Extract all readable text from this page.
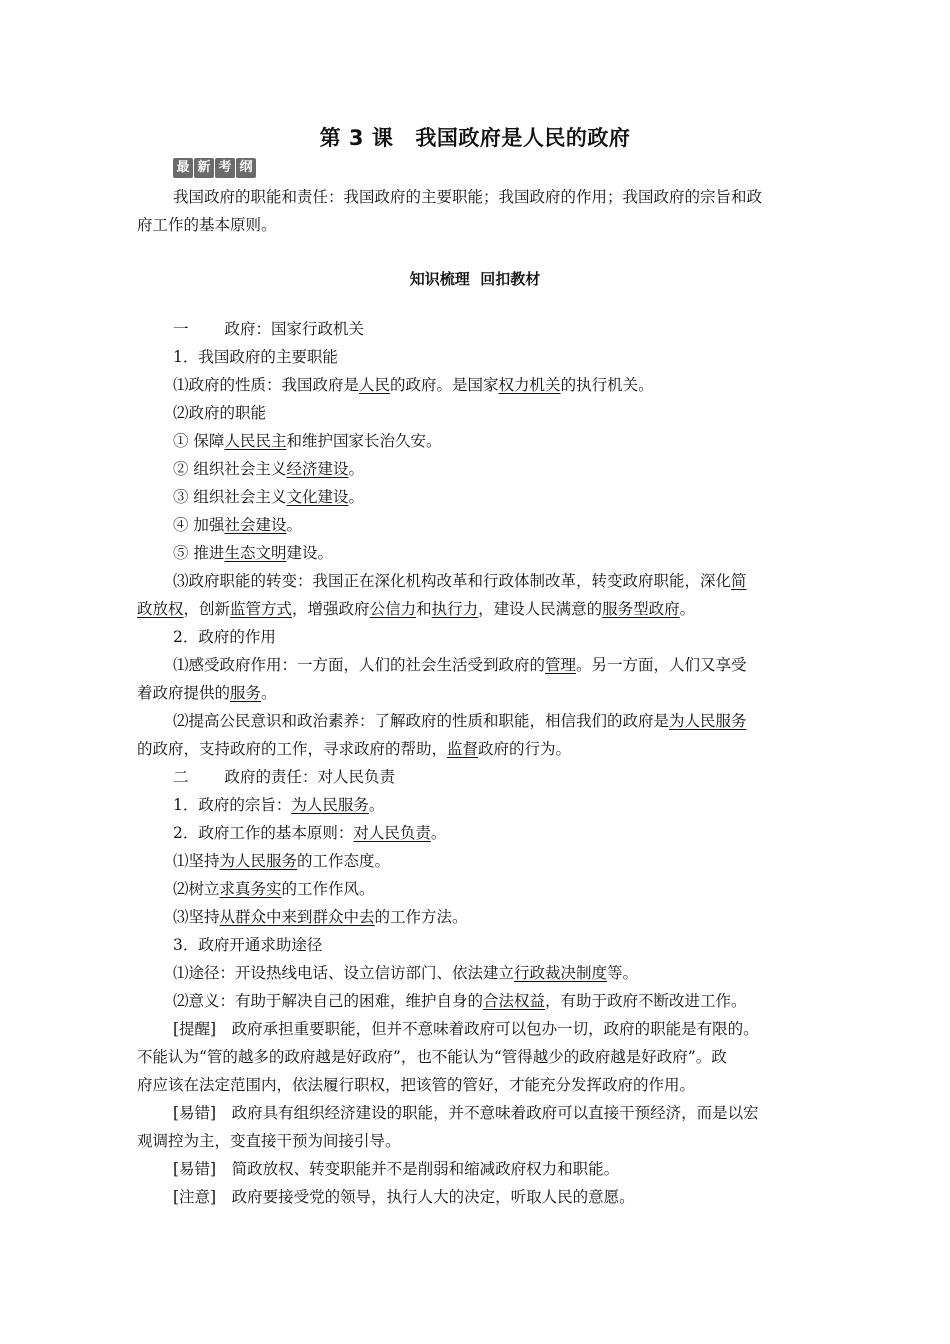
第 3 课 我国政府是人民的政府
最 新 考 纲
我国政府的职能和责任：我国政府的主要职能；我国政府的作用；我国政府的宗旨和政
府工作的基本原则。
知识梳理  回扣教材
一 政府：国家行政机关
1．我国政府的主要职能
⑴政府的性质：我国政府是人民的政府。是国家权力机关的执行机关。
⑵政府的职能
① 保障人民民主和维护国家长治久安。
② 组织社会主义经济建设。
③ 组织社会主义文化建设。
④ 加强社会建设。
⑤ 推进生态文明建设。
⑶政府职能的转变：我国正在深化机构改革和行政体制改革，转变政府职能，深化简
政放权，创新监管方式，增强政府公信力和执行力，建设人民满意的服务型政府。
2．政府的作用
⑴感受政府作用：一方面，人们的社会生活受到政府的管理。另一方面，人们又享受
着政府提供的服务。
⑵提高公民意识和政治素养：了解政府的性质和职能，相信我们的政府是为人民服务
的政府，支持政府的工作，寻求政府的帮助，监督政府的行为。
二 政府的责任：对人民负责
1．政府的宗旨：为人民服务。
2．政府工作的基本原则：对人民负责。
⑴坚持为人民服务的工作态度。
⑵树立求真务实的工作作风。
⑶坚持从群众中来到群众中去的工作方法。
3．政府开通求助途径
⑴途径：开设热线电话、设立信访部门、依法建立行政裁决制度等。
⑵意义：有助于解决自己的困难，维护自身的合法权益，有助于政府不断改进工作。
[提醒]　政府承担重要职能，但并不意味着政府可以包办一切，政府的职能是有限的。
不能认为“管的越多的政府越是好政府”，也不能认为“管得越少的政府越是好政府”。政
府应该在法定范围内，依法履行职权，把该管的管好，才能充分发挥政府的作用。
[易错]　政府具有组织经济建设的职能，并不意味着政府可以直接干预经济，而是以宏
观调控为主，变直接干预为间接引导。
[易错]　简政放权、转变职能并不是削弱和缩减政府权力和职能。
[注意]　政府要接受党的领导，执行人大的决定，听取人民的意愿。
